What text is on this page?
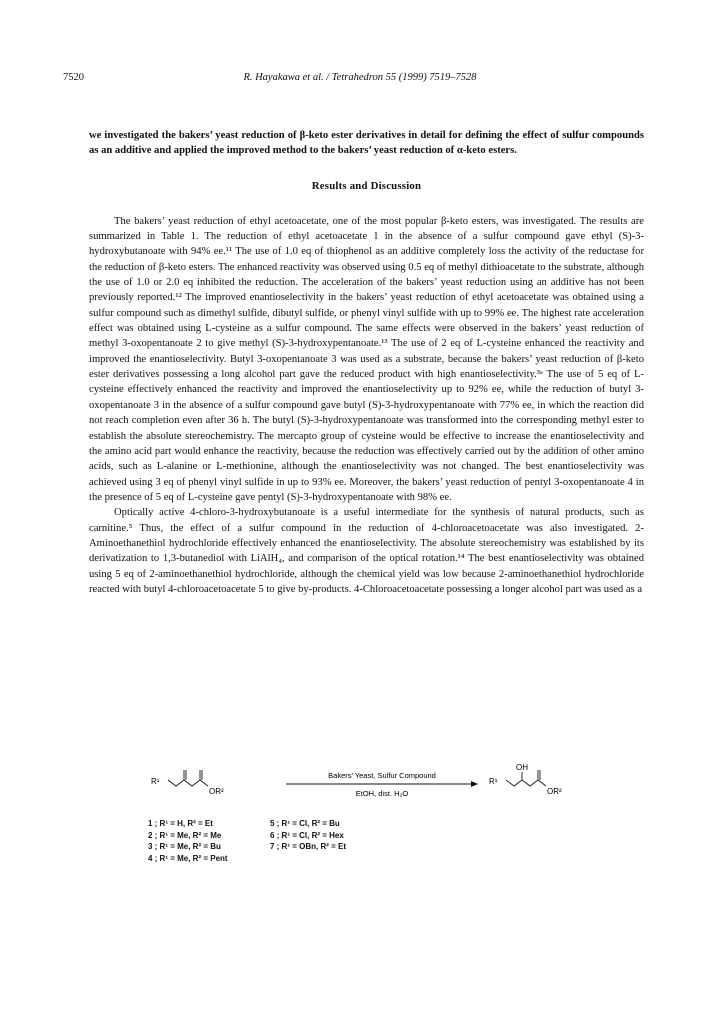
7520	R. Hayakawa et al. / Tetrahedron 55 (1999) 7519–7528

we investigated the bakers’ yeast reduction of β-keto ester derivatives in detail for defining the effect of sulfur compounds as an additive and applied the improved method to the bakers’ yeast reduction of α-keto esters.

Results and Discussion

The bakers’ yeast reduction of ethyl acetoacetate, one of the most popular β-keto esters, was investigated. The results are summarized in Table 1. The reduction of ethyl acetoacetate 1 in the absence of a sulfur compound gave ethyl (S)-3-hydroxybutanoate with 94% ee.¹¹ The use of 1.0 eq of thiophenol as an additive completely loss the activity of the reductase for the reduction of β-keto esters. The enhanced reactivity was observed using 0.5 eq of methyl dithioacetate to the substrate, although the use of 1.0 or 2.0 eq inhibited the reduction. The acceleration of the bakers’ yeast reduction using an additive has not been previously reported.¹² The improved enantioselectivity in the bakers’ yeast reduction of ethyl acetoacetate was obtained using a sulfur compound such as dimethyl sulfide, dibutyl sulfide, or phenyl vinyl sulfide with up to 99% ee. The highest rate acceleration effect was obtained using L-cysteine as a sulfur compound. The same effects were observed in the bakers’ yeast reduction of methyl 3-oxopentanoate 2 to give methyl (S)-3-hydroxypentanoate.¹³ The use of 2 eq of L-cysteine enhanced the reactivity and improved the enantioselectivity. Butyl 3-oxopentanoate 3 was used as a substrate, because the bakers’ yeast reduction of β-keto ester derivatives possessing a long alcohol part gave the reduced product with high enantioselectivity.³ᵃ The use of 5 eq of L-cysteine effectively enhanced the reactivity and improved the enantioselectivity up to 92% ee, while the reduction of butyl 3-oxopentanoate 3 in the absence of a sulfur compound gave butyl (S)-3-hydroxypentanoate with 77% ee, in which the reaction did not reach completion even after 36 h. The butyl (S)-3-hydroxypentanoate was transformed into the corresponding methyl ester to establish the absolute stereochemistry. The mercapto group of cysteine would be effective to increase the enantioselectivity and the amino acid part would enhance the reactivity, because the reduction was effectively carried out by the addition of other amino acids, such as L-alanine or L-methionine, although the enantioselectivity was not changed. The best enantioselectivity was achieved using 3 eq of phenyl vinyl sulfide in up to 93% ee. Moreover, the bakers’ yeast reduction of pentyl 3-oxopentanoate 4 in the presence of 5 eq of L-cysteine gave pentyl (S)-3-hydroxypentanoate with 98% ee.

Optically active 4-chloro-3-hydroxybutanoate is a useful intermediate for the synthesis of natural products, such as carnitine.⁵ Thus, the effect of a sulfur compound in the reduction of 4-chloroacetoacetate was also investigated. 2-Aminoethanethiol hydrochloride effectively enhanced the enantioselectivity. The absolute stereochemistry was established by its derivatization to 1,3-butanediol with LiAlH₄, and comparison of the optical rotation.¹⁴ The best enantioselectivity was obtained using 5 eq of 2-aminoethanethiol hydrochloride, although the chemical yield was low because 2-aminoethanethiol hydrochloride reacted with butyl 4-chloroacetoacetate 5 to give by-products. 4-Chloroacetoacetate possessing a longer alcohol part was used as a

R¹
OR²
Bakers’ Yeast, Sulfur Compound
EtOH, dist. H₂O
OH
R¹
OR²
1 ; R¹ = H, R² = Et
2 ; R¹ = Me, R² = Me
3 ; R¹ = Me, R² = Bu
4 ; R¹ = Me, R² = Pent
5 ; R¹ = Cl, R² = Bu
6 ; R¹ = Cl, R² = Hex
7 ; R¹ = OBn, R² = Et
